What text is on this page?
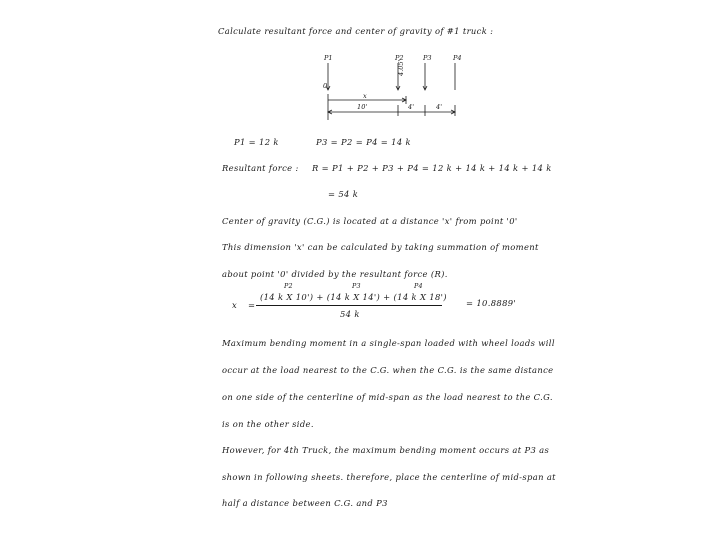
Calculate resultant force and center of gravity of #1 truck :
P1	P2	P3	P4
4.05'
0
x
10'	4'	4'
P1 = 12 k	P3 = P2 = P4 = 14 k
Resultant force : R = P1 + P2 + P3 + P4 = 12 k + 14 k + 14 k + 14 k
= 54 k
Center of gravity (C.G.) is located at a distance 'x' from point '0'
This dimension 'x' can be calculated by taking summation of moment
about point '0' divided by the resultant force (R).
P2	P3	P4
x =
(14 k X 10') + (14 k X 14') + (14 k X 18')
54 k
= 10.8889'
Maximum bending moment in a single-span loaded with wheel loads will
occur at the load nearest to the C.G. when the C.G. is the same distance
on one side of the centerline of mid-span as the load nearest to the C.G.
is on the other side.
However, for 4th Truck, the maximum bending moment occurs at P3 as
shown in following sheets. therefore, place the centerline of mid-span at
half a distance between C.G. and P3
